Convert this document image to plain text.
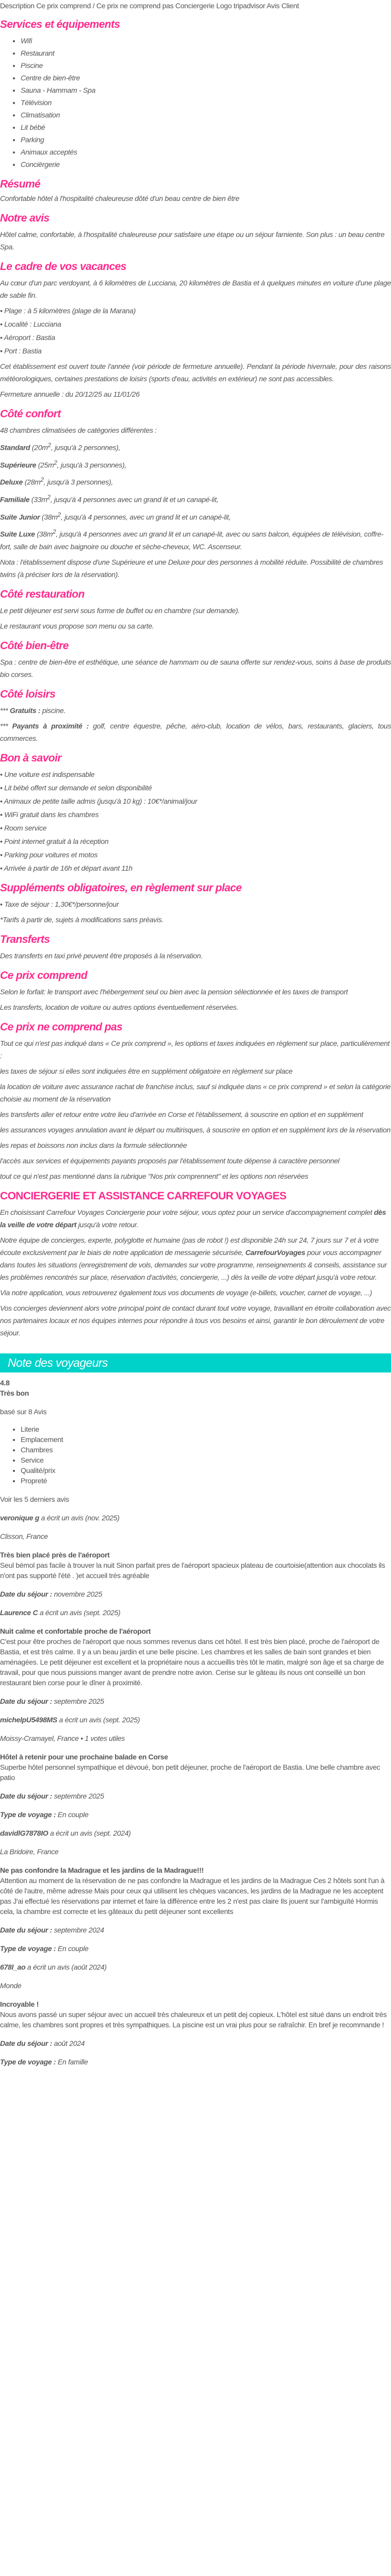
Description Ce prix comprend / Ce prix ne comprend pas Conciergerie Logo tripadvisor Avis Client
Services et équipements
• Wifi
• Restaurant
• Piscine
• Centre de bien-être
• Sauna - Hammam - Spa
• Télévision
• Climatisation
• Lit bébé
• Parking
• Animaux acceptés
• Conciërgerie
Résumé
Confortable hôtel à l'hospitalité chaleureuse dôté d'un beau centre de bien être
Notre avis
Hôtel calme, confortable, à l'hospitalité chaleureuse pour satisfaire une étape ou un séjour farniente. Son plus : un beau centre Spa.
Le cadre de vos vacances
Au cœur d'un parc verdoyant, à 6 kilomètres de Lucciana, 20 kilomètres de Bastia et à quelques minutes en voiture d'une plage de sable fin.
• Plage : à 5 kilomètres (plage de la Marana)
• Localité : Lucciana
• Aéroport : Bastia
• Port : Bastia
Cet établissement est ouvert toute l'année (voir période de fermeture annuelle). Pendant la période hivernale, pour des raisons météorologiques, certaines prestations de loisirs (sports d'eau, activités en extérieur) ne sont pas accessibles.
Fermeture annuelle : du 20/12/25 au 11/01/26
Côté confort
48 chambres climatisées de catégories différentes :
Standard ($20m^2$, jusqu'à 2 personnes),
Supérieure ($25m^2$, jusqu'à 3 personnes),
Deluxe ($28m^2$, jusqu'à 3 personnes),
Familiale ($33m^2$, jusqu'à 4 personnes avec un grand lit et un canapé-lit,
Suite Junior ($38m^2$, jusqu'à 4 personnes, avec un grand lit et un canapé-lit,
Suite Luxe ($38m^2$, jusqu'à 4 personnes avec un grand lit et un canapé-lit, avec ou sans balcon, équipées de télévision, coffre-fort, salle de bain avec baignoire ou douche et sèche-cheveux, WC. Ascenseur.
Nota : l'établissement dispose d'une Supérieure et une Deluxe pour des personnes à mobilité réduite. Possibilité de chambres twins (à préciser lors de la réservation).
Côté restauration
Le petit déjeuner est servi sous forme de buffet ou en chambre (sur demande).
Le restaurant vous propose son menu ou sa carte.
Côté bien-être
Spa : centre de bien-être et esthétique, une séance de hammam ou de sauna offerte sur rendez-vous, soins à base de produits bio corses.
Côté loisirs
*** Gratuits : piscine.
*** Payants à proximité : golf, centre équestre, pêche, aéro-club, location de vélos, bars, restaurants, glaciers, tous commerces.
Bon à savoir
• Une voiture est indispensable
• Lit bébé offert sur demande et selon disponibilité
• Animaux de petite taille admis (jusqu'à 10 kg) : 10€*/animal/jour
• WiFi gratuit dans les chambres
• Room service
• Point internet gratuit à la réception
• Parking pour voitures et motos
• Arrivée à partir de 16h et départ avant 11h
Suppléments obligatoires, en règlement sur place
• Taxe de séjour : 1,30€*/personne/jour
*Tarifs à partir de, sujets à modifications sans préavis.
Transferts
Des transferts en taxi privé peuvent être proposés à la réservation.
Ce prix comprend
Selon le forfait: le transport avec l'hébergement seul ou bien avec la pension sélectionnée et les taxes de transport
Les transferts, location de voiture ou autres options éventuellement réservées.
Ce prix ne comprend pas
Tout ce qui n'est pas indiqué dans « Ce prix comprend », les options et taxes indiquées en règlement sur place, particulièrement :
les taxes de séjour si elles sont indiquées être en supplément obligatoire en règlement sur place
la location de voiture avec assurance rachat de franchise inclus, sauf si indiquée dans « ce prix comprend » et selon la catégorie choisie au moment de la réservation
les transferts aller et retour entre votre lieu d'arrivée en Corse et l'établissement, à souscrire en option et en supplément
les assurances voyages annulation avant le départ ou multirisques, à souscrire en option et en supplément lors de la réservation
les repas et boissons non inclus dans la formule sélectionnée
l'accès aux services et équipements payants proposés par l'établissement toute dépense à caractère personnel
tout ce qui n'est pas mentionné dans la rubrique "Nos prix comprennent" et les options non réservées
CONCIERGERIE ET ASSISTANCE CARREFOUR VOYAGES
En choisissant Carrefour Voyages Conciergerie pour votre séjour, vous optez pour un service d'accompagnement complet dès la veille de votre départ jusqu'à votre retour.
Notre équipe de concierges, experte, polyglotte et humaine (pas de robot !) est disponible 24h sur 24, 7 jours sur 7 et à votre écoute exclusivement par le biais de notre application de messagerie sécurisée, CarrefourVoyages pour vous accompagner dans toutes les situations (enregistrement de vols, demandes sur votre programme, renseignements & conseils, assistance sur les problèmes rencontrés sur place, réservation d'activités, conciergerie, ...) dès la veille de votre départ jusqu'à votre retour.
Via notre application, vous retrouverez également tous vos documents de voyage (e-billets, voucher, carnet de voyage, ...)
Vos concierges deviennent alors votre principal point de contact durant tout votre voyage, travaillant en étroite collaboration avec nos partenaires locaux et nos équipes internes pour répondre à tous vos besoins et ainsi, garantir le bon déroulement de votre séjour.
Note des voyageurs
4.8
Très bon
basé sur 8 Avis
• Literie
• Emplacement
• Chambres
• Service
• Qualité/prix
• Propreté
Voir les 5 derniers avis
veronique g a écrit un avis (nov. 2025)
Clisson, France
Très bien placé près de l'aéroport
Seul bémol pas facile à trouver la nuit Sinon parfait pres de l'aéroport spacieux plateau de courtoisie(attention aux chocolats ils n'ont pas supporté l'été . )et accueil très agréable
Date du séjour : novembre 2025
Laurence C a écrit un avis (sept. 2025)
Nuit calme et confortable proche de l'aéroport
C'est pour être proches de l'aéroport que nous sommes revenus dans cet hôtel. Il est très bien placé, proche de l'aéroport de Bastia, et est très calme. Il y a un beau jardin et une belle piscine. Les chambres et les salles de bain sont grandes et bien aménagées. Le petit déjeuner est excellent et la propriétaire nous a accueillis très tôt le matin, malgré son âge et sa charge de travail, pour que nous puissions manger avant de prendre notre avion. Cerise sur le gâteau ils nous ont conseillé un bon restaurant bien corse pour le dîner à proximité.
Date du séjour : septembre 2025
michelpU5498MS a écrit un avis (sept. 2025)
Moissy-Cramayel, France • 1 votes utiles
Hôtel à retenir pour une prochaine balade en Corse
Superbe hôtel personnel sympathique et dévoué, bon petit déjeuner, proche de l'aéroport de Bastia. Une belle chambre avec patio
Date du séjour : septembre 2025
Type de voyage : En couple
davidlG7878IO a écrit un avis (sept. 2024)
La Bridoire, France
Ne pas confondre la Madrague et les jardins de la Madrague!!!
Attention au moment de la réservation de ne pas confondre la Madrague et les jardins de la Madrague Ces 2 hôtels sont l'un à côté de l'autre, même adresse Mais pour ceux qui utilisent les chèques vacances, les jardins de la Madrague ne les acceptent pas J'ai effectué les réservations par internet et faire la différence entre les 2 n'est pas claire Ils jouent sur l'ambiguïté Hormis cela, la chambre est correcte et les gâteaux du petit déjeuner sont excellents
Date du séjour : septembre 2024
Type de voyage : En couple
678l_ao a écrit un avis (août 2024)
Monde
Incroyable !
Nous avons passé un super séjour avec un accueil très chaleureux et un petit dej copieux. L'hôtel est situé dans un endroit très calme, les chambres sont propres et très sympathiques. La piscine est un vrai plus pour se rafraîchir. En bref je recommande !
Date du séjour : août 2024
Type de voyage : En famille
